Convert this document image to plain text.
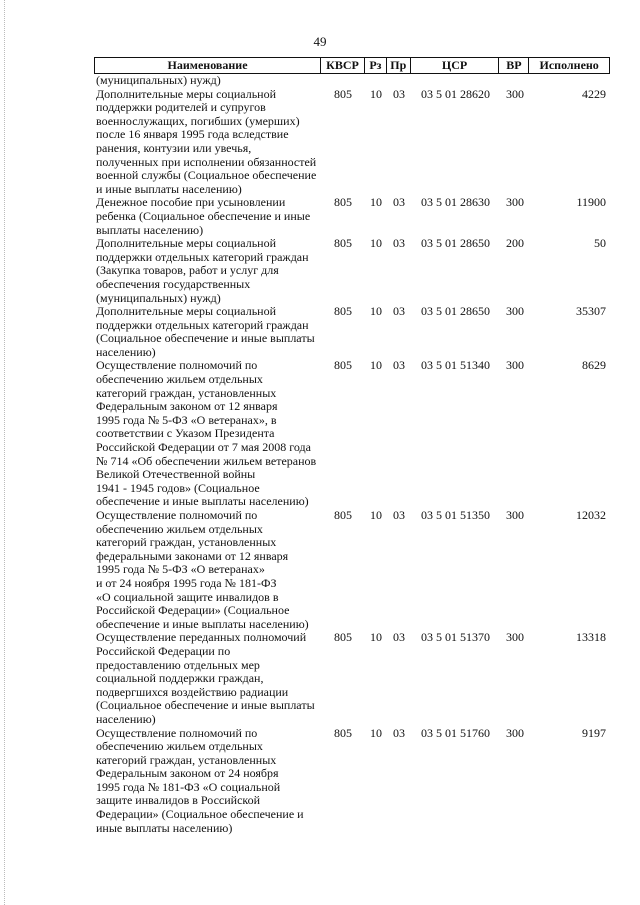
49
Наименование	КВСР Рз Пр	ЦСР	ВР	Исполнено
(муниципальных) нужд)
Дополнительные меры социальной
поддержки родителей и супругов
военнослужащих, погибших (умерших)
после 16 января 1995 года вследствие
ранения, контузии или увечья,
полученных при исполнении обязанностей
военной службы (Социальное обеспечение
и иные выплаты населению)
805	10 03	03 5 01 28620	300	4229
Денежное пособие при усыновлении
ребенка (Социальное обеспечение и иные
выплаты населению)
805	10 03	03 5 01 28630	300	11900
Дополнительные меры социальной
поддержки отдельных категорий граждан
(Закупка товаров, работ и услуг для
обеспечения государственных
(муниципальных) нужд)
805	10 03	03 5 01 28650	200	50
Дополнительные меры социальной
поддержки отдельных категорий граждан
(Социальное обеспечение и иные выплаты
населению)
805	10 03	03 5 01 28650	300	35307
Осуществление полномочий по
обеспечению жильем отдельных
категорий граждан, установленных
Федеральным законом от 12 января
1995 года № 5-ФЗ «О ветеранах», в
соответствии с Указом Президента
Российской Федерации от 7 мая 2008 года
№ 714 «Об обеспечении жильем ветеранов
Великой Отечественной войны
1941 - 1945 годов» (Социальное
обеспечение и иные выплаты населению)
805	10 03	03 5 01 51340	300	8629
Осуществление полномочий по
обеспечению жильем отдельных
категорий граждан, установленных
федеральными законами от 12 января
1995 года № 5-ФЗ «О ветеранах»
и от 24 ноября 1995 года № 181-ФЗ
«О социальной защите инвалидов в
Российской Федерации» (Социальное
обеспечение и иные выплаты населению)
805	10 03	03 5 01 51350	300	12032
Осуществление переданных полномочий
Российской Федерации по
предоставлению отдельных мер
социальной поддержки граждан,
подвергшихся воздействию радиации
(Социальное обеспечение и иные выплаты
населению)
805	10 03	03 5 01 51370	300	13318
Осуществление полномочий по
обеспечению жильем отдельных
категорий граждан, установленных
Федеральным законом от 24 ноября
1995 года № 181-ФЗ «О социальной
защите инвалидов в Российской
Федерации» (Социальное обеспечение и
иные выплаты населению)
805	10 03	03 5 01 51760	300	9197
